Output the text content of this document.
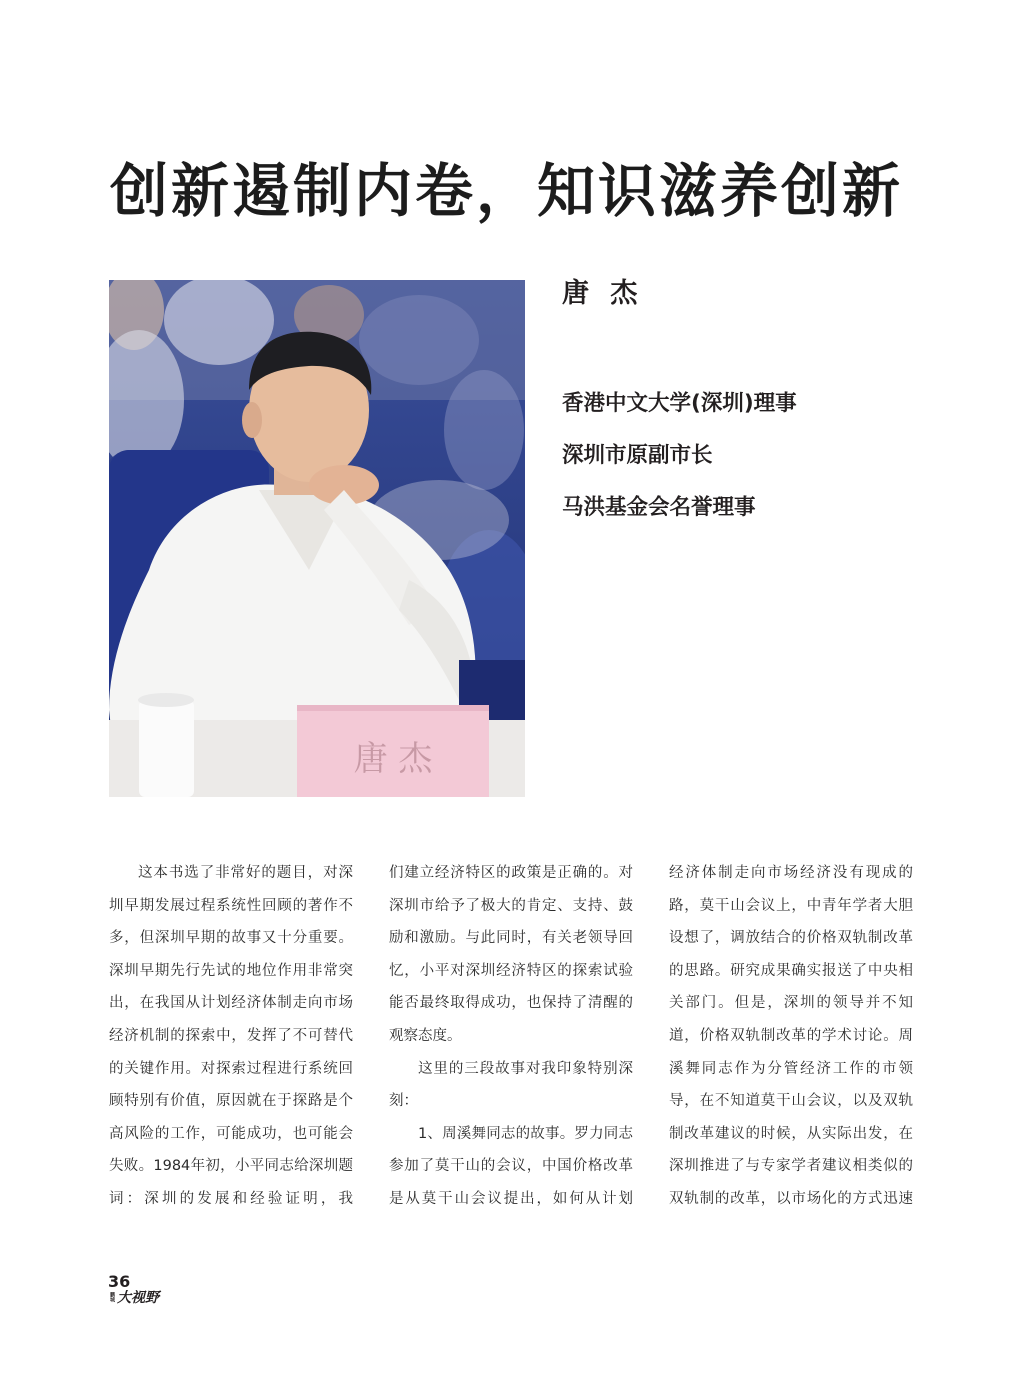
创新遏制内卷，知识滋养创新
唐 杰
唐 杰
香港中文大学(深圳)理事
深圳市原副市长
马洪基金会名誉理事

这本书选了非常好的题目，对深圳早期发展过程系统性回顾的著作不多，但深圳早期的故事又十分重要。深圳早期先行先试的地位作用非常突出，在我国从计划经济体制走向市场经济机制的探索中，发挥了不可替代的关键作用。对探索过程进行系统回顾特别有价值，原因就在于探路是个高风险的工作，可能成功，也可能会失败。1984年初，小平同志给深圳题词：深圳的发展和经验证明，我

们建立经济特区的政策是正确的。对深圳市给予了极大的肯定、支持、鼓励和激励。与此同时，有关老领导回忆，小平对深圳经济特区的探索试验能否最终取得成功，也保持了清醒的观察态度。

这里的三段故事对我印象特别深刻：

1、周溪舞同志的故事。罗力同志参加了莫干山的会议，中国价格改革是从莫干山会议提出，如何从计划

经济体制走向市场经济没有现成的路，莫干山会议上，中青年学者大胆设想了，调放结合的价格双轨制改革的思路。研究成果确实报送了中央相关部门。但是，深圳的领导并不知道，价格双轨制改革的学术讨论。周溪舞同志作为分管经济工作的市领导，在不知道莫干山会议，以及双轨制改革建议的时候，从实际出发，在深圳推进了与专家学者建议相类似的双轨制的改革，以市场化的方式迅速

36
鹏城 大视野
